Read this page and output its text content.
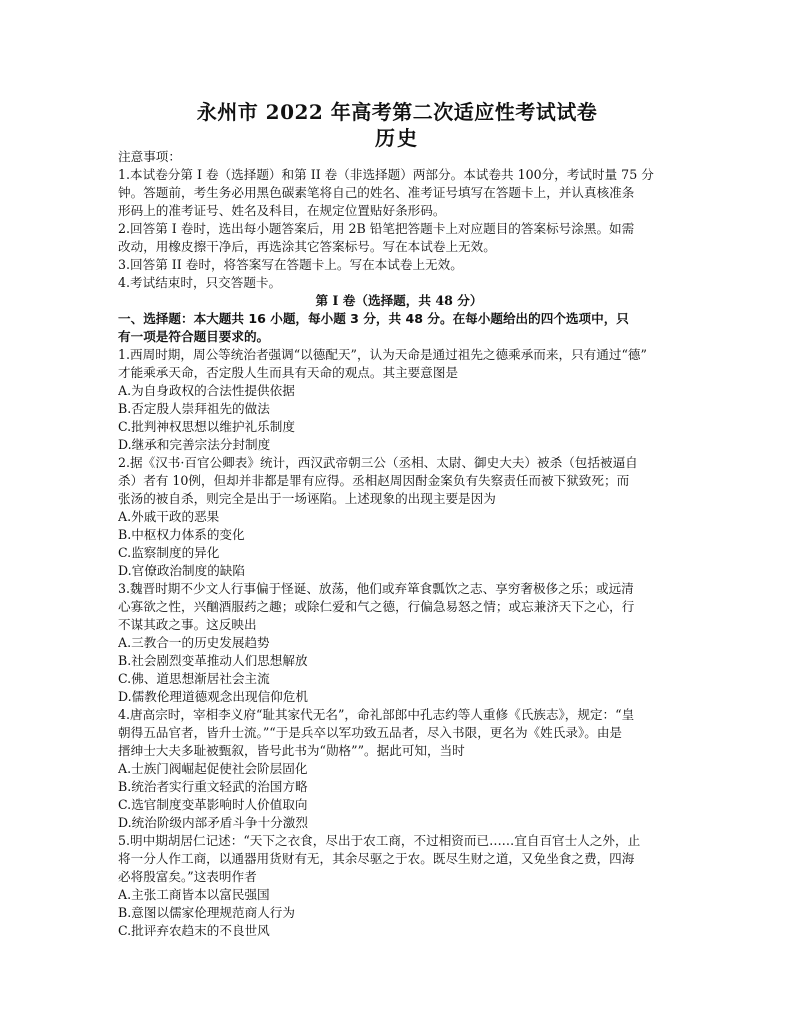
永州市 2022 年高考第二次适应性考试试卷
历史
注意事项：
1.本试卷分第 I 卷（选择题）和第 II 卷（非选择题）两部分。本试卷共 100分，考试时量 75 分
钟。答题前，考生务必用黑色碳素笔将自己的姓名、准考证号填写在答题卡上，并认真核准条
形码上的准考证号、姓名及科目，在规定位置贴好条形码。
2.回答第 I 卷时，选出每小题答案后，用 2B 铅笔把答题卡上对应题目的答案标号涂黑。如需
改动，用橡皮擦干净后，再选涂其它答案标号。写在本试卷上无效。
3.回答第 II 卷时，将答案写在答题卡上。写在本试卷上无效。
4.考试结束时，只交答题卡。
第 I 卷（选择题，共 48 分）
一、选择题：本大题共 16 小题，每小题 3 分，共 48 分。在每小题给出的四个选项中，只
有一项是符合题目要求的。
1.西周时期，周公等统治者强调“以德配天”，认为天命是通过祖先之德乘承而来，只有通过“德”
才能乘承天命，否定殷人生而具有天命的观点。其主要意图是
A.为自身政权的合法性提供依据
B.否定殷人崇拜祖先的做法
C.批判神权思想以维护礼乐制度
D.继承和完善宗法分封制度
2.据《汉书·百官公卿表》统计，西汉武帝朝三公（丞相、太尉、御史大夫）被杀（包括被逼自
杀）者有 10例，但却并非都是罪有应得。丞相赵周因酎金案负有失察责任而被下狱致死；而
张汤的被自杀，则完全是出于一场诬陷。上述现象的出现主要是因为
A.外戚干政的恶果
B.中枢权力体系的变化
C.监察制度的异化
D.官僚政治制度的缺陷
3.魏晋时期不少文人行事偏于怪诞、放荡，他们或弃箪食瓢饮之志、享穷奢极侈之乐；或远清
心寡欲之性，兴酗酒服药之趣；或除仁爱和气之德，行偏急易怒之情；或忘兼济天下之心，行
不谋其政之事。这反映出
A.三教合一的历史发展趋势
B.社会剧烈变革推动人们思想解放
C.佛、道思想渐居社会主流
D.儒教伦理道德观念出现信仰危机
4.唐高宗时，宰相李义府“耻其家代无名”，命礼部郎中孔志约等人重修《氏族志》，规定：“皇
朝得五品官者，皆升士流。”“于是兵卒以军功致五品者，尽入书限，更名为《姓氏录》。由是
搢绅士大夫多耻被甄叙，皆号此书为“勋格””。据此可知，当时
A.士族门阀崛起促使社会阶层固化
B.统治者实行重文轻武的治国方略
C.选官制度变革影响时人价值取向
D.统治阶级内部矛盾斗争十分激烈
5.明中期胡居仁记述：“天下之衣食，尽出于农工商，不过相资而已……宜自百官士人之外，止
将一分人作工商，以通器用货财有无，其余尽驱之于农。既尽生财之道，又免坐食之费，四海
必将殷富矣。”这表明作者
A.主张工商皆本以富民强国
B.意图以儒家伦理规范商人行为
C.批评弃农趋末的不良世风
